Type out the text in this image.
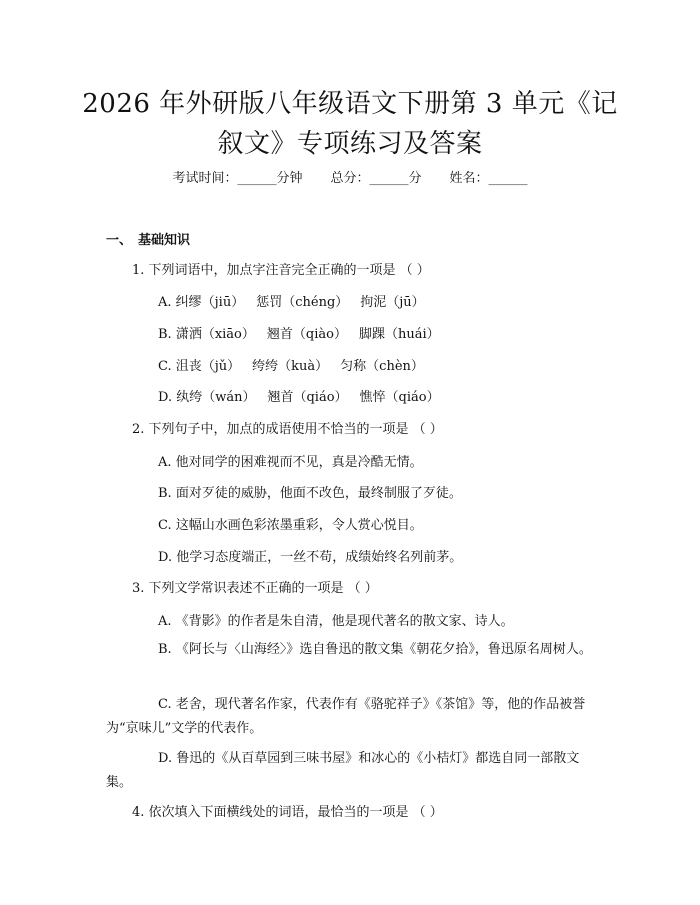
2026 年外研版八年级语文下册第 3 单元《记
叙文》专项练习及答案
考试时间：______分钟 总分：______分 姓名：______
一、 基础知识
1. 下列词语中，加点字注音完全正确的一项是 （ ）
A. 纠缪（jiū） 惩罚（chéng） 拘泥（jū）
B. 潇洒（xiāo） 翘首（qiào） 脚踝（huái）
C. 沮丧（jǔ） 绔绔（kuà） 匀称（chèn）
D. 纨绔（wán） 翘首（qiáo） 憔悴（qiáo）
2. 下列句子中，加点的成语使用不恰当的一项是 （ ）
A. 他对同学的困难视而不见，真是冷酷无情。
B. 面对歹徒的威胁，他面不改色，最终制服了歹徒。
C. 这幅山水画色彩浓墨重彩，令人赏心悦目。
D. 他学习态度端正，一丝不苟，成绩始终名列前茅。
3. 下列文学常识表述不正确的一项是 （ ）
A. 《背影》的作者是朱自清，他是现代著名的散文家、诗人。
B. 《阿长与〈山海经〉》选自鲁迅的散文集《朝花夕拾》，鲁迅原名周树人。
C. 老舍，现代著名作家，代表作有《骆驼祥子》《茶馆》等，他的作品被誉为“京味儿”文学的代表作。
D. 鲁迅的《从百草园到三味书屋》和冰心的《小桔灯》都选自同一部散文集。
4. 依次填入下面横线处的词语，最恰当的一项是 （ ）
